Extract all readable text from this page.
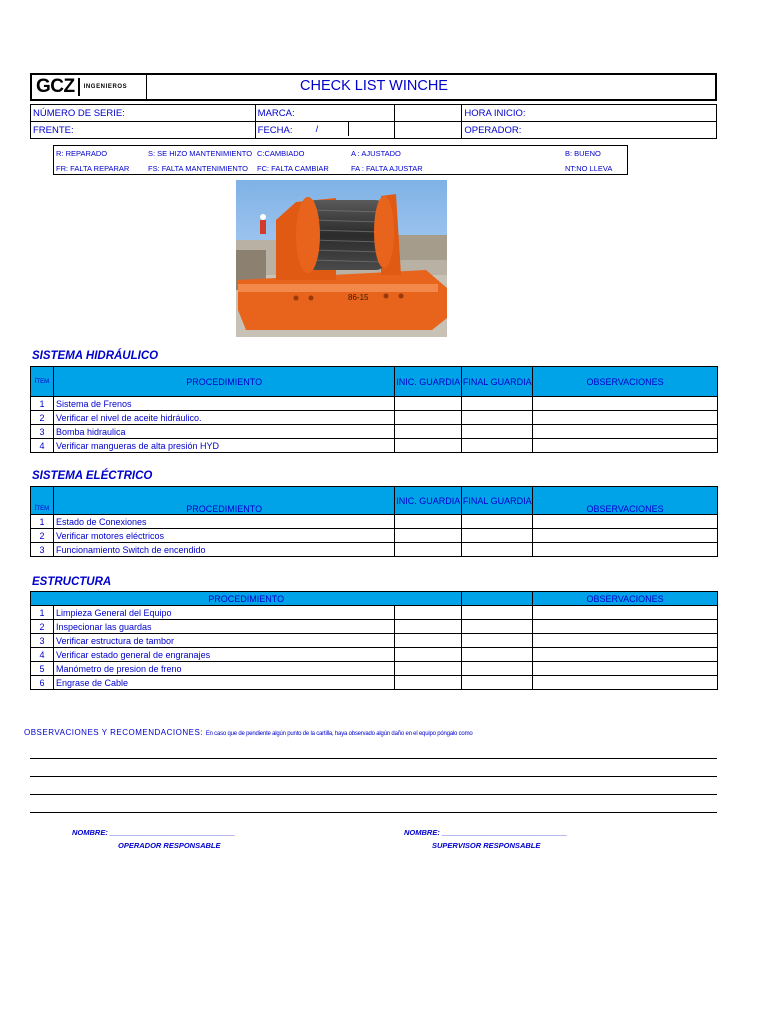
GCZ INGENIEROS	CHECK LIST WINCHE
NÚMERO DE SERIE:	MARCA:		HORA INICIO:
FRENTE:	FECHA: /		OPERADOR:
R: REPARADO	S: SE HIZO MANTENIMIENTO C:CAMBIADO	A : AJUSTADO	B: BUENO
FR: FALTA REPARAR FS: FALTA MANTENIMIENTO FC: FALTA CAMBIAR	FA : FALTA AJUSTAR	NT:NO LLEVA
86-15
SISTEMA HIDRÁULICO
ÍTEM	PROCEDIMIENTO	INIC. GUARDIA	FINAL GUARDIA	OBSERVACIONES
1	Sistema de Frenos			
2	Verificar el nivel de aceite hidráulico.			
3	Bomba hidraulica			
4	Verificar mangueras de alta presión HYD			
SISTEMA ELÉCTRICO
ÍTEM	PROCEDIMIENTO	INIC. GUARDIA	FINAL GUARDIA	OBSERVACIONES
1	Estado de Conexiones			
2	Verificar motores eléctricos			
3	Funcionamiento Switch de encendido			
ESTRUCTURA
PROCEDIMIENTO				OBSERVACIONES
1	Limpieza General del Equipo			
2	Inspecionar las guardas			
3	Verificar estructura de tambor			
4	Verificar estado general de engranajes			
5	Manómetro de presion de freno			
6	Engrase de Cable			
OBSERVACIONES Y RECOMENDACIONES: En caso que de pendiente algún punto de la cartilla, haya observado algún daño en el equipo póngalo como
NOMBRE: ______________________________
OPERADOR RESPONSABLE
NOMBRE: ______________________________
SUPERVISOR RESPONSABLE
